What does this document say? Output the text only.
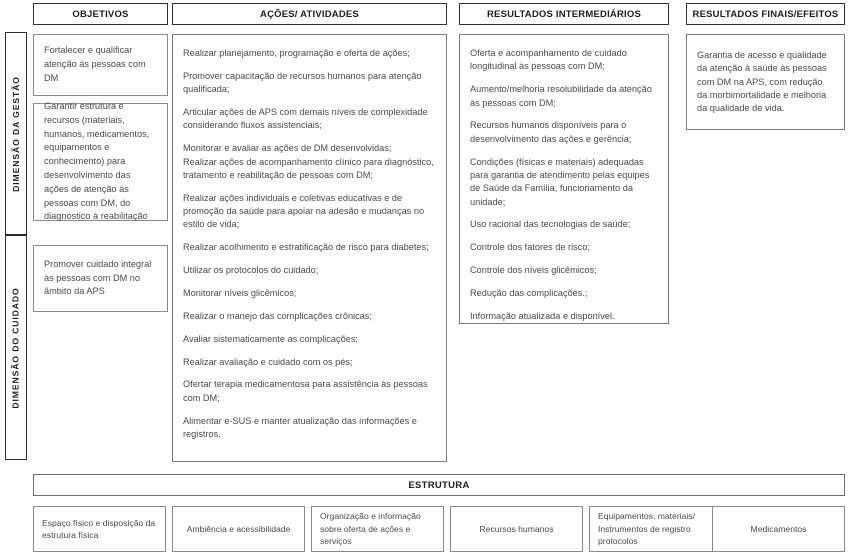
OBJETIVOS	AÇÕES/ ATIVIDADES	RESULTADOS INTERMEDIÁRIOS	RESULTADOS FINAIS/EFEITOS
DIMENSÃO DA GESTÃO
DIMENSÃO DO CUIDADO
Fortalecer e qualificar atenção às pessoas com DM
Garantir estrutura e recursos (materiais, humanos, medicamentos, equipamentos e conhecimento) para desenvolvimento das ações de atenção às pessoas com DM, do diagnóstico à reabilitação
Promover cuidado integral às pessoas com DM no âmbito da APS

Realizar planejamento, programação e oferta de ações;

Promover capacitação de recursos humanos para atenção qualificada;

Articular ações de APS com demais níveis de complexidade considerando fluxos assistenciais;

Monitorar e avaliar as ações de DM desenvolvidas;
Realizar ações de acompanhamento clínico para diagnóstico, tratamento e reabilitação de pessoas com DM;

Realizar ações individuais e coletivas educativas e de promoção da saúde para apoiar na adesão e mudanças no estilo de vida;

Realizar acolhimento e estratificação de risco para diabetes;

Utilizar os protocolos do cuidado;

Monitorar níveis glicêmicos;

Realizar o manejo das complicações crônicas;

Avaliar sistematicamente as complicações;

Realizar avaliação e cuidado com os pés;

Ofertar terapia medicamentosa para assistência às pessoas com DM;

Alimentar e-SUS e manter atualização das informações e registros.

Oferta e acompanhamento de cuidado longitudinal às pessoas com DM;

Aumento/melhoria resolubilidade da atenção às pessoas com DM;

Recursos humanos disponíveis para o desenvolvimento das ações e gerência;

Condições (físicas e materiais) adequadas para garantia de atendimento pelas equipes de Saúde da Família, funcionamento da unidade;

Uso racional das tecnologias de saúde;

Controle dos fatores de risco;

Controle dos níveis glicêmicos;

Redução das complicações.;

Informação atualizada e disponível.

Garantia de acesso e qualidade da atenção à saúde às pessoas com DM na APS, com redução da morbimortalidade e melhoria da qualidade de vida.

ESTRUTURA
Espaço físico e disposição da estrutura física
Ambiência e acessibilidade
Organização e informação sobre oferta de ações e serviços
Recursos humanos
Equipamentos, materiais/ Instrumentos de registro protocolos
Medicamentos
